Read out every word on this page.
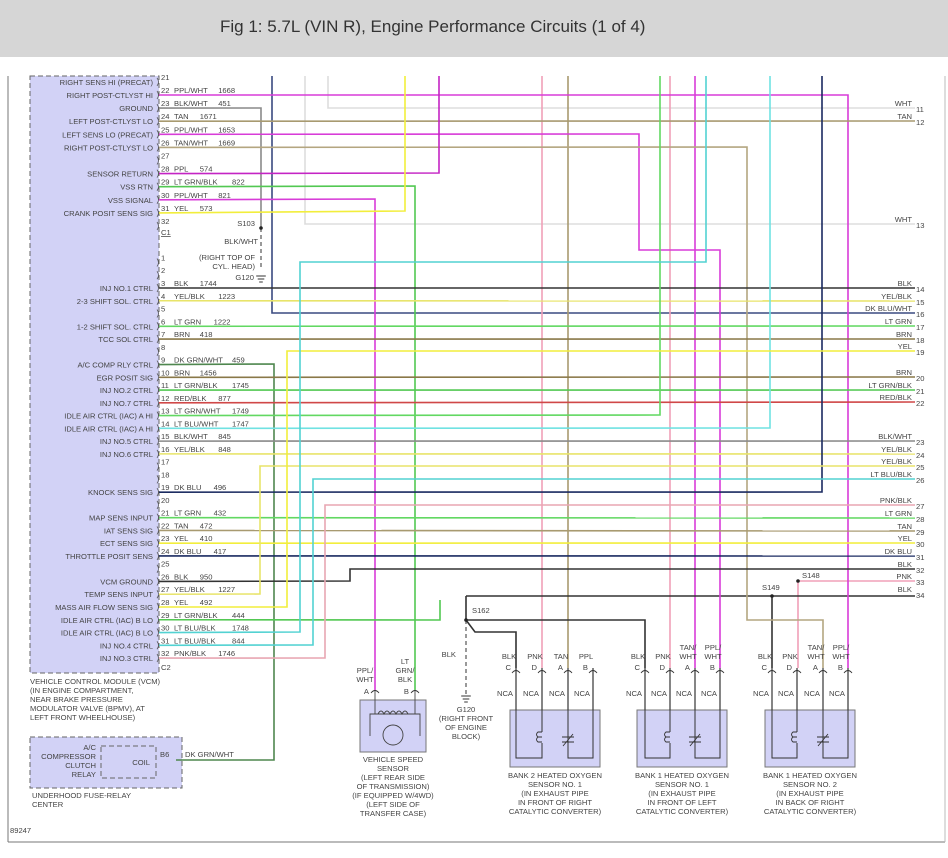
Fig 1: 5.7L (VIN R), Engine Performance Circuits (1 of 4)
21
RIGHT SENS HI (PRECAT)
22 PPL/WHT 1668
RIGHT POST-CTLYST HI
23 BLK/WHT 451
GROUND
24 TAN 1671
LEFT POST-CTLYST LO
25 PPL/WHT 1653
LEFT SENS LO (PRECAT)
26 TAN/WHT 1669
RIGHT POST-CTLYST LO
27
28 PPL 574
SENSOR RETURN
29 LT GRN/BLK 822
VSS RTN
30 PPL/WHT 821
VSS SIGNAL
31 YEL 573
CRANK POSIT SENS SIG
32
1
2
3 BLK 1744
INJ NO.1 CTRL
4 YEL/BLK 1223
2-3 SHIFT SOL. CTRL
5
6 LT GRN 1222
1-2 SHIFT SOL. CTRL
7 BRN 418
TCC SOL CTRL
8
9 DK GRN/WHT 459
A/C COMP RLY CTRL
10 BRN 1456
EGR POSIT SIG
11 LT GRN/BLK 1745
INJ NO.2 CTRL
12 RED/BLK 877
INJ NO.7 CTRL
13 LT GRN/WHT 1749
IDLE AIR CTRL (IAC) A HI
14 LT BLU/WHT 1747
IDLE AIR CTRL (IAC) A HI
15 BLK/WHT 845
INJ NO.5 CTRL
16 YEL/BLK 848
INJ NO.6 CTRL
17
18
19 DK BLU 496
KNOCK SENS SIG
20
21 LT GRN 432
MAP SENS INPUT
22 TAN 472
IAT SENS SIG
23 YEL 410
ECT SENS SIG
24 DK BLU 417
THROTTLE POSIT SENS
25
26 BLK 950
VCM GROUND
27 YEL/BLK 1227
TEMP SENS INPUT
28 YEL 492
MASS AIR FLOW SENS SIG
29 LT GRN/BLK 444
IDLE AIR CTRL (IAC) B LO
30 LT BLU/BLK 1748
IDLE AIR CTRL (IAC) B LO
31 LT BLU/BLK 844
INJ NO.4 CTRL
32 PNK/BLK 1746
INJ NO.3 CTRL
C1
C2
VEHICLE CONTROL MODULE (VCM)
(IN ENGINE COMPARTMENT,
NEAR BRAKE PRESSURE
MODULATOR VALVE (BPMV), AT
LEFT FRONT WHEELHOUSE)
WHT
11
TAN
12
WHT
13
BLK
14
YEL/BLK
15
DK BLU/WHT
16
LT GRN
17
BRN
18
YEL
19
BRN
20
LT GRN/BLK
21
RED/BLK
22
BLK/WHT
23
YEL/BLK
24
YEL/BLK
25
LT BLU/BLK
26
PNK/BLK
27
LT GRN
28
TAN
29
YEL
30
DK BLU
31
BLK
32
PNK
33
BLK
34
S103
BLK/WHT
(RIGHT TOP OF
CYL. HEAD)
G120
S162
BLK
G120
(RIGHT FRONT
OF ENGINE
BLOCK)
S149
S148
A/C
COMPRESSOR
CLUTCH
RELAY
COIL
B6 DK GRN/WHT
UNDERHOOD FUSE-RELAY
CENTER
89247
A
PPL/
WHT
B
LT
GRN/
BLK
VEHICLE SPEED
SENSOR
(LEFT REAR SIDE
OF TRANSMISSION)
(IF EQUIPPED W/4WD)
(LEFT SIDE OF
TRANSFER CASE)
C
BLK
NCA
D
PNK
NCA
A
TAN
NCA
B
PPL
NCA
BANK 2 HEATED OXYGEN
SENSOR NO. 1
(IN EXHAUST PIPE
IN FRONT OF RIGHT
CATALYTIC CONVERTER)
C
BLK
NCA
D
PNK
NCA
A
TAN/
WHT
NCA
B
PPL/
WHT
NCA
BANK 1 HEATED OXYGEN
SENSOR NO. 1
(IN EXHAUST PIPE
IN FRONT OF LEFT
CATALYTIC CONVERTER)
C
BLK
NCA
D
PNK
NCA
A
TAN/
WHT
NCA
B
PPL/
WHT
NCA
BANK 1 HEATED OXYGEN
SENSOR NO. 2
(IN EXHAUST PIPE
IN BACK OF RIGHT
CATALYTIC CONVERTER)
